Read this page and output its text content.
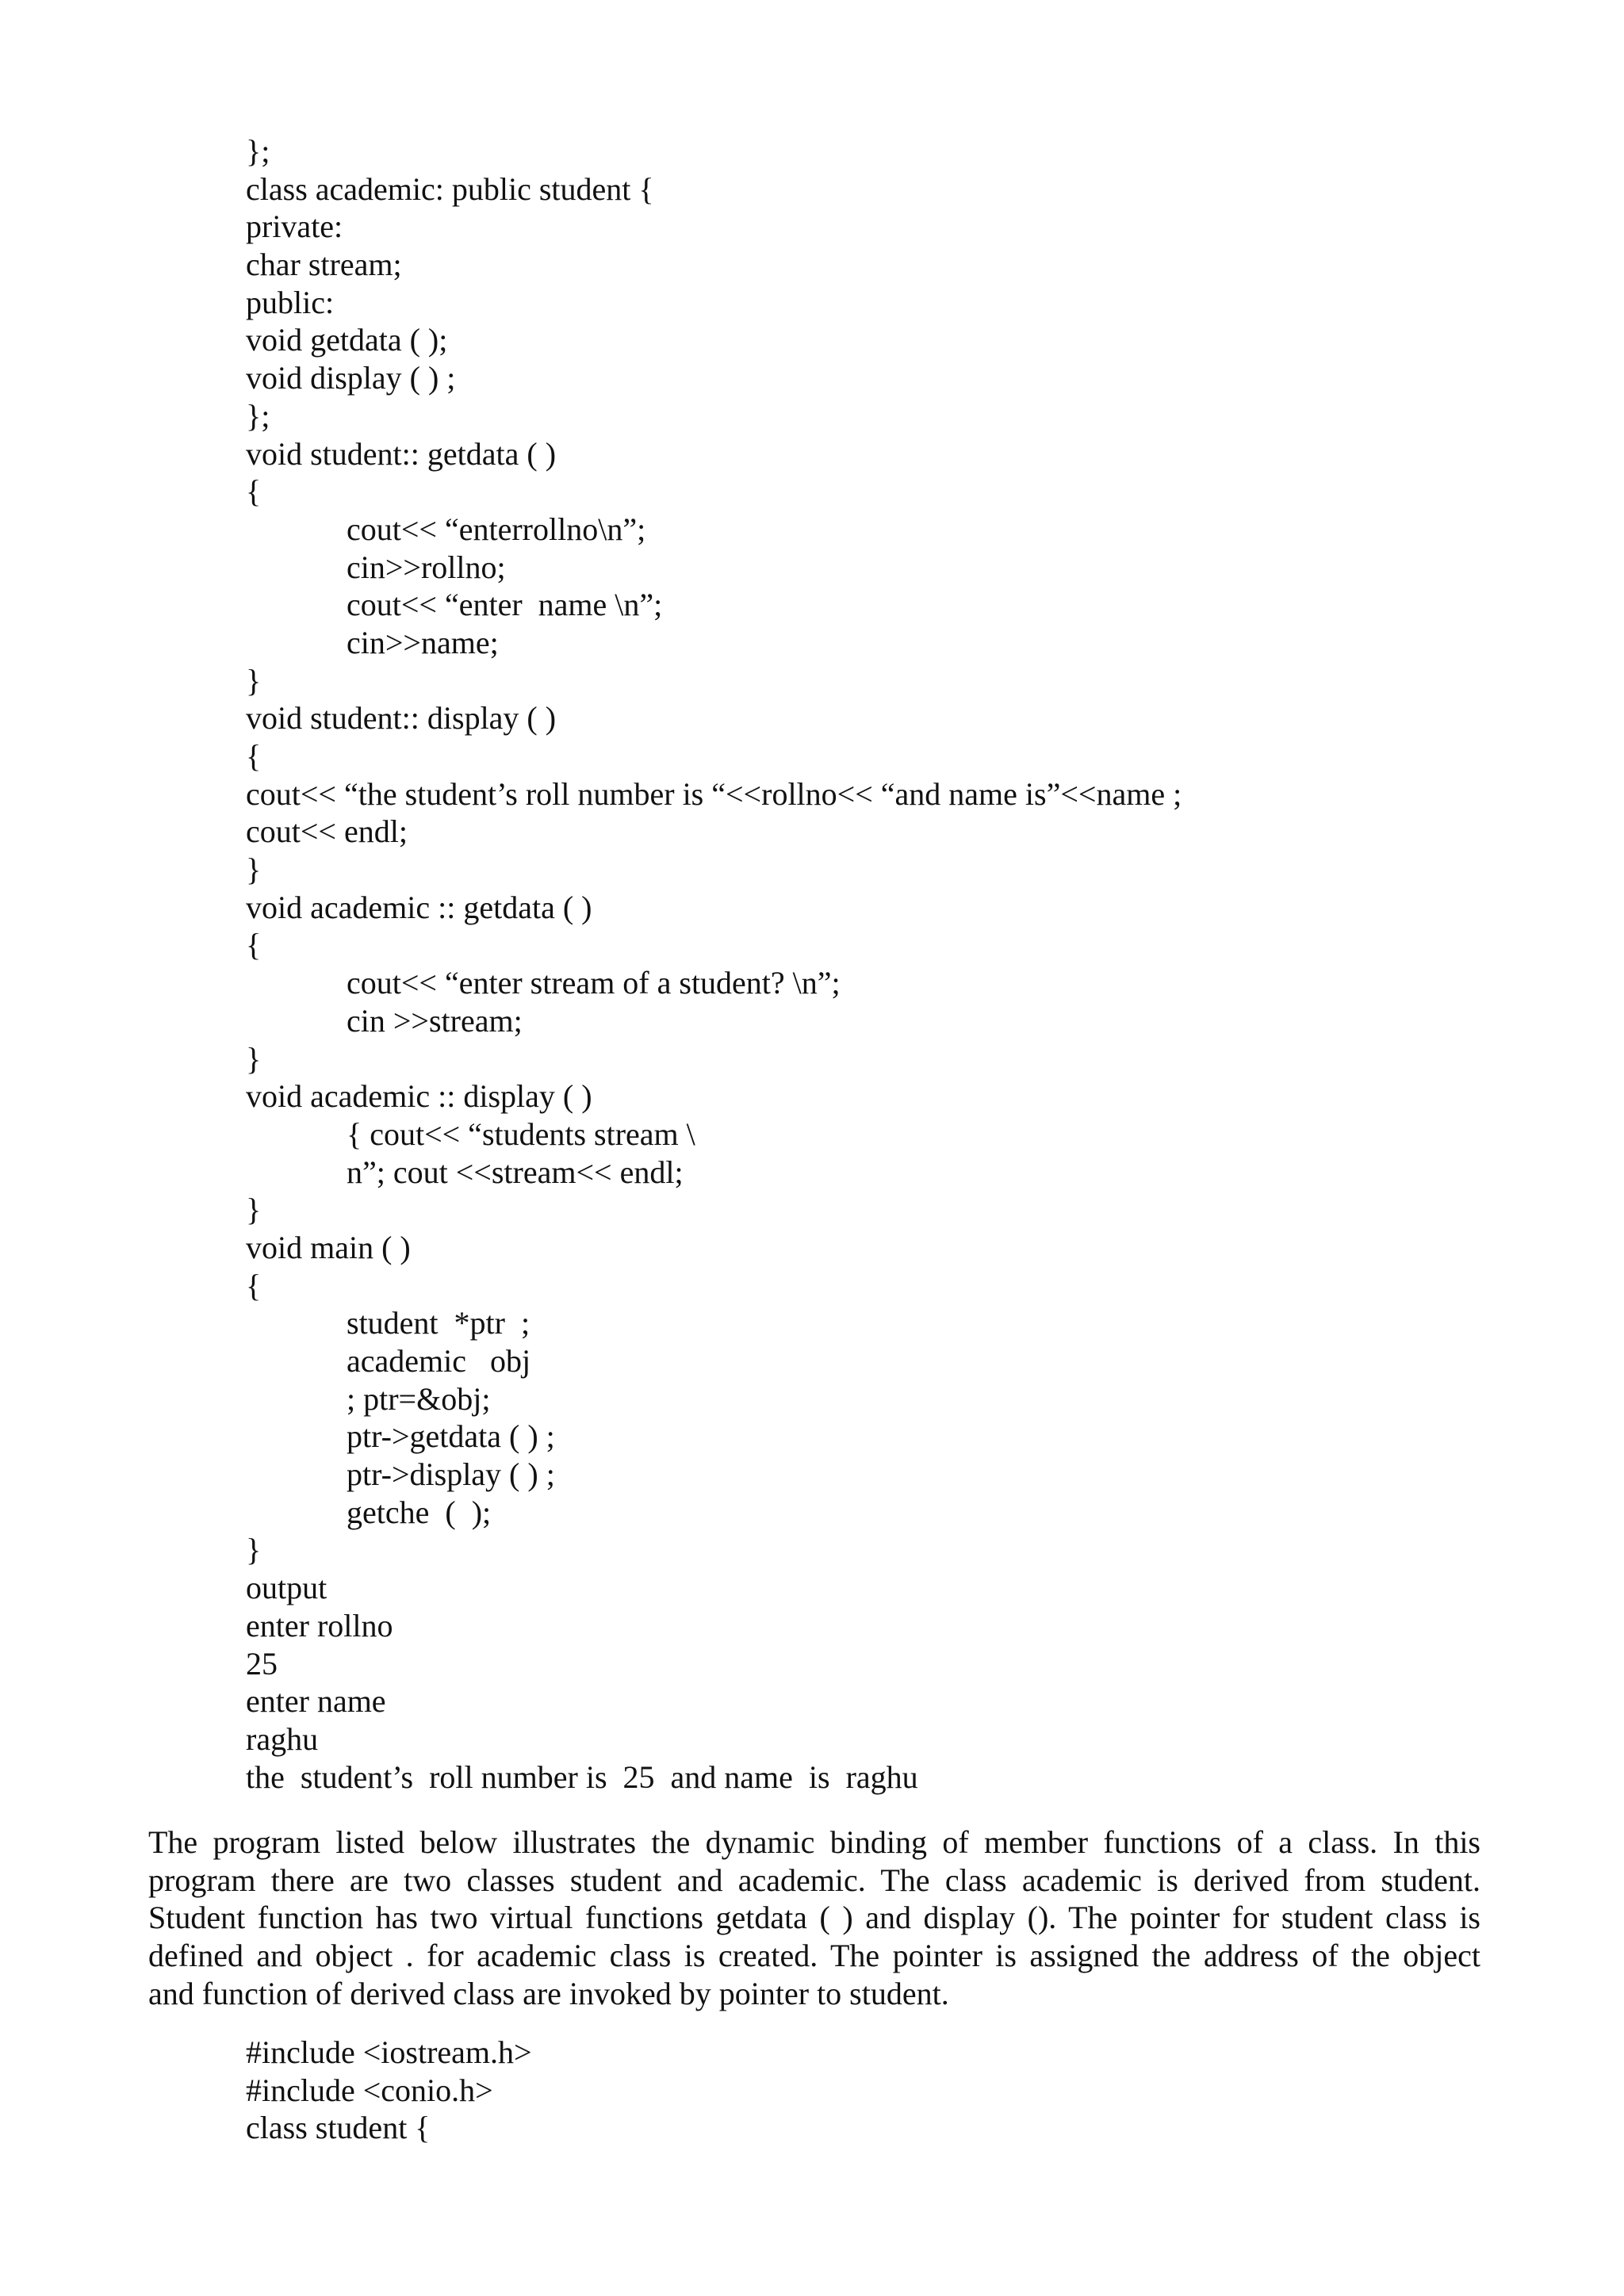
};
class academic: public student {
private:
char stream;
public:
void getdata ( );
void display ( ) ;
};
void student:: getdata ( )
{
cout<< “enterrollno\n”;
cin>>rollno;
cout<< “enter  name \n”;
cin>>name;
}
void student:: display ( )
{
cout<< “the student’s roll number is “<<rollno<< “and name is”<<name ;
cout<< endl;
}
void academic :: getdata ( )
{
cout<< “enter stream of a student? \n”;
cin >>stream;
}
void academic :: display ( )
{ cout<< “students stream \
n”; cout <<stream<< endl;
}
void main ( )
{
student  *ptr  ;
academic   obj
; ptr=&obj;
ptr->getdata ( ) ;
ptr->display ( ) ;
getche  (  );
}
output
enter rollno
25
enter name
raghu
the  student’s  roll number is  25  and name  is  raghu
The program listed below illustrates the dynamic binding of member functions of a class. In this
program there are two classes student and academic. The class academic is derived from student.
Student function has two virtual functions getdata ( ) and display (). The pointer for student class is
defined and object . for academic class is created. The pointer is assigned the address of the object
and function of derived class are invoked by pointer to student.
#include <iostream.h>
#include <conio.h>
class student {
